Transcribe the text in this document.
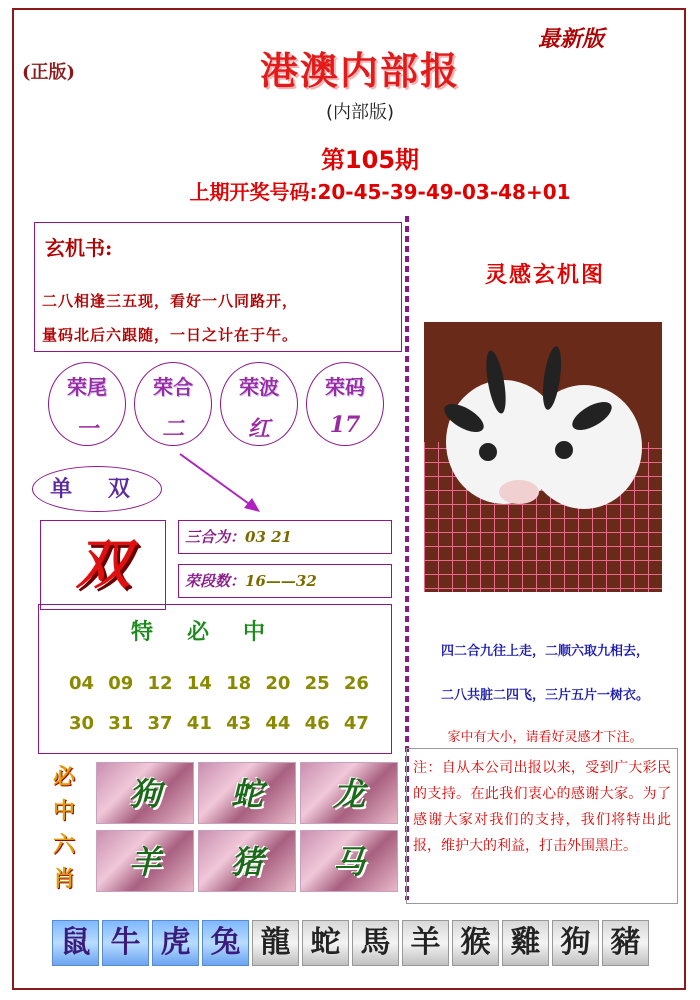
(正版)
最新版
港澳内部报
(内部版)
第105期
上期开奖号码:20-45-39-49-03-48+01
玄机书:
二八相逢三五现，看好一八同路开，
量码北后六跟随，一日之计在于午。
荣尾
一
荣合
二
荣波
红
荣码
17
单 双
双	三合为：03 21
荣段数：16——32
特必中
04 09 12 14 18 20 25 26
30 31 37 41 43 44 46 47
必
中
六
肖
狗	蛇	龙
羊	猪	马
灵感玄机图
四二合九往上走，二顺六取九相去，
二八共脏二四飞，三片五片一树衣。
家中有大小，请看好灵感才下注。
注：自从本公司出报以来，受到广大彩民的支持。在此我们衷心的感谢大家。为了感谢大家对我们的支持，我们将特出此报，维护大的利益，打击外围黑庄。
鼠 牛 虎 兔 龍 蛇 馬 羊 猴 雞 狗 豬
